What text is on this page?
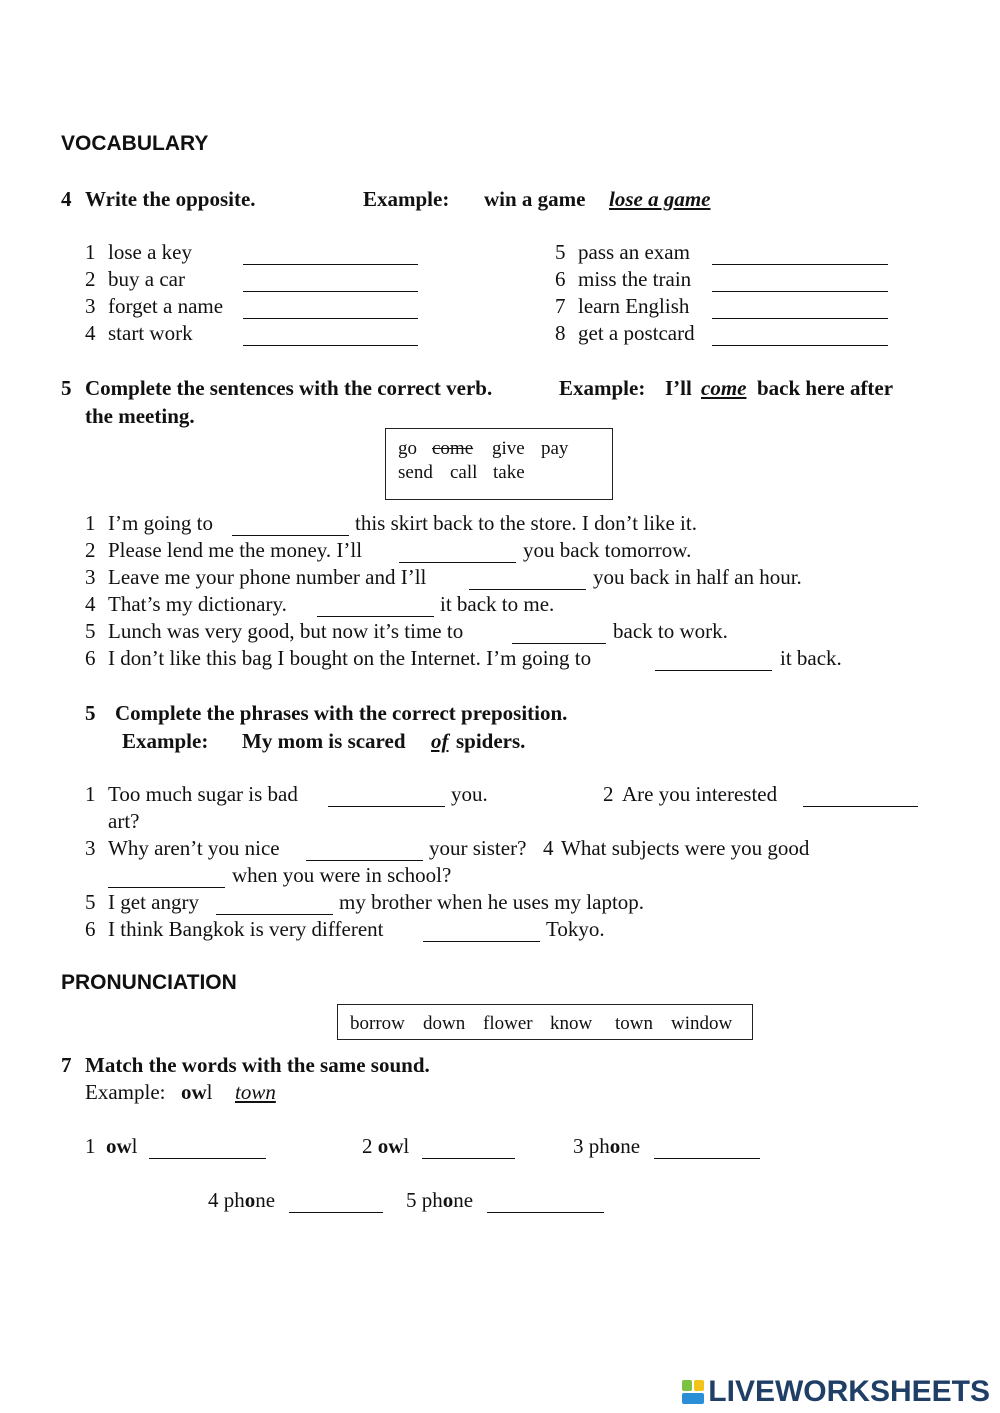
VOCABULARY
4 Write the opposite.	Example: win a game lose a game
1 lose a key
2 buy a car
3 forget a name
4 start work
5 pass an exam
6 miss the train
7 learn English
8 get a postcard
5 Complete the sentences with the correct verb.	Example: I’ll come back here after
the meeting.
go come give pay
send call take
1 I’m going to	this skirt back to the store. I don’t like it.
2 Please lend me the money. I’ll	you back tomorrow.
3 Leave me your phone number and I’ll	you back in half an hour.
4 That’s my dictionary.	it back to me.
5 Lunch was very good, but now it’s time to	back to work.
6 I don’t like this bag I bought on the Internet. I’m going to	it back.
5 Complete the phrases with the correct preposition.
Example: My mom is scared of spiders.
1 Too much sugar is bad	you.	2 Are you interested
art?
3 Why aren’t you nice	your sister? 4 What subjects were you good
when you were in school?
5 I get angry	my brother when he uses my laptop.
6 I think Bangkok is very different	Tokyo.
PRONUNCIATION
borrow down flower know town window
7 Match the words with the same sound.
Example: owl town
1 owl	2 owl	3 phone
4 phone	5 phone
LIVEWORKSHEETS
